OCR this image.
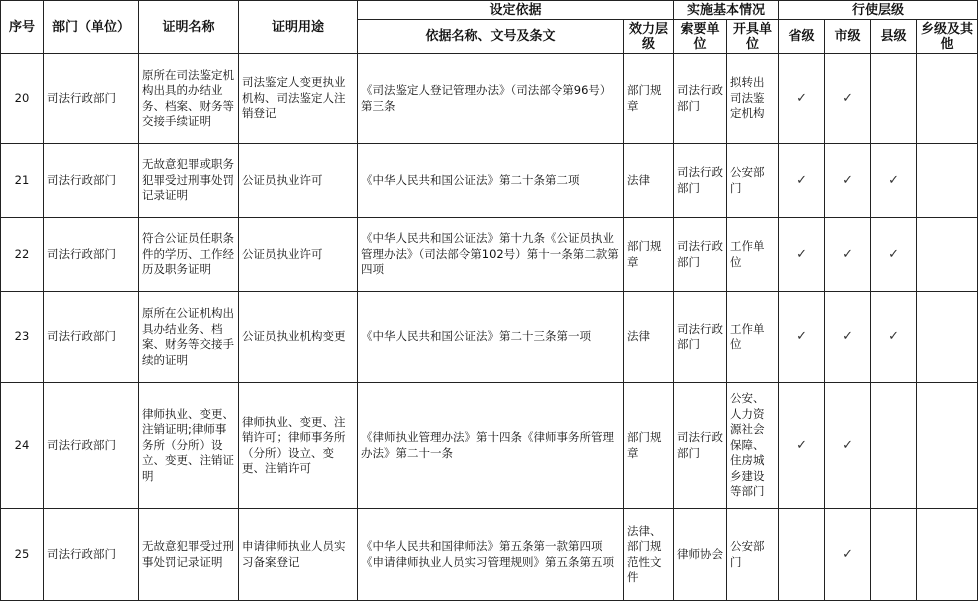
序号	部门（单位）	证明名称	证明用途	设定依据		实施基本情况		行使层级			
				依据名称、文号及条文	效力层级	索要单位	开具单位	省级	市级	县级	乡级及其他
20	司法行政部门	原所在司法鉴定机构出具的办结业务、档案、财务等交接手续证明	司法鉴定人变更执业机构、司法鉴定人注销登记	《司法鉴定人登记管理办法》（司法部令第96号）第三条	部门规章	司法行政部门	拟转出司法鉴定机构	✓	✓		
21	司法行政部门	无故意犯罪或职务犯罪受过刑事处罚记录证明	公证员执业许可	《中华人民共和国公证法》第二十条第二项	法律	司法行政部门	公安部门	✓	✓	✓	
22	司法行政部门	符合公证员任职条件的学历、工作经历及职务证明	公证员执业许可	《中华人民共和国公证法》第十九条《公证员执业管理办法》（司法部令第102号）第十一条第二款第四项	部门规章	司法行政部门	工作单位	✓	✓	✓	
23	司法行政部门	原所在公证机构出具办结业务、档案、财务等交接手续的证明	公证员执业机构变更	《中华人民共和国公证法》第二十三条第一项	法律	司法行政部门	工作单位	✓	✓	✓	
24	司法行政部门	律师执业、变更、注销证明;律师事务所（分所）设立、变更、注销证明	律师执业、变更、注销许可；律师事务所（分所）设立、变更、注销许可	《律师执业管理办法》第十四条《律师事务所管理办法》第二十一条	部门规章	司法行政部门	公安、人力资源社会保障、住房城乡建设等部门	✓	✓		
25	司法行政部门	无故意犯罪受过刑事处罚记录证明	申请律师执业人员实习备案登记	《中华人民共和国律师法》第五条第一款第四项《申请律师执业人员实习管理规则》第五条第五项	法律、部门规范性文件	律师协会	公安部门		✓		
